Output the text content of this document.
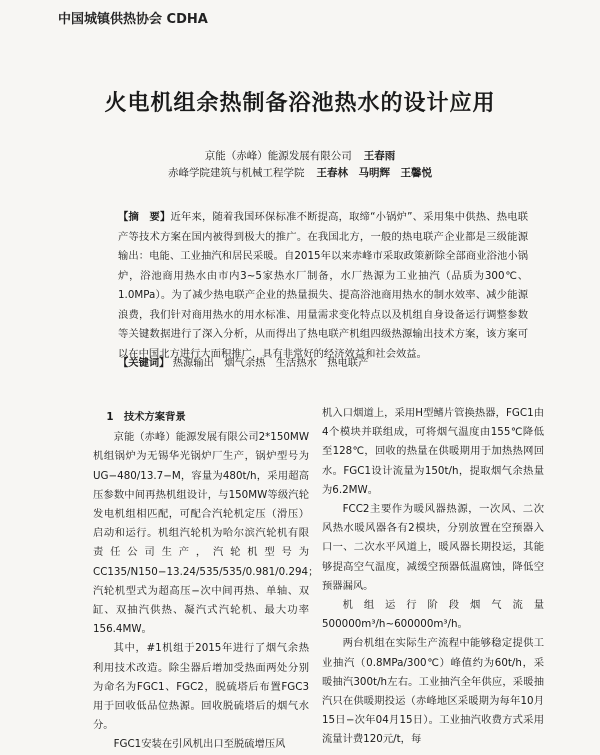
中国城镇供热协会 CDHA
火电机组余热制备浴池热水的设计应用
京能（赤峰）能源发展有限公司 王春雨
赤峰学院建筑与机械工程学院 王春林　马明辉　王馨悦
【摘　要】近年来，随着我国环保标准不断提高，取缔“小锅炉”、采用集中供热、热电联产等技术方案在国内被得到极大的推广。在我国北方，一般的热电联产企业都是三级能源输出：电能、工业抽汽和居民采暖。自2015年以来赤峰市采取政策新除全部商业浴池小锅炉，浴池商用热水由市内3~5家热水厂制备，水厂热源为工业抽汽（品质为300℃、1.0MPa）。为了减少热电联产企业的热量损失、提高浴池商用热水的制水效率、减少能源浪费，我们针对商用热水的用水标准、用量需求变化特点以及机组自身设备运行调整参数等关键数据进行了深入分析，从而得出了热电联产机组四级热源输出技术方案，该方案可以在中国北方进行大面积推广，具有非常好的经济效益和社会效益。
【关键词】 热源输出　烟气余热　生活热水　热电联产
1　技术方案背景

京能（赤峰）能源发展有限公司2*150MW机组锅炉为无锡华光锅炉厂生产，锅炉型号为UG−480/13.7−M，容量为480t/h，采用超高压参数中间再热机组设计，与150MW等级汽轮发电机组相匹配，可配合汽轮机定压（滑压）启动和运行。机组汽轮机为哈尔滨汽轮机有限责任公司生产，汽轮机型号为CC135/N150−13.24/535/535/0.981/0.294；汽轮机型式为超高压−次中间再热、单轴、双缸、双抽汽供热、凝汽式汽轮机、最大功率156.4MW。

其中，#1机组于2015年进行了烟气余热利用技术改造。除尘器后增加受热面两处分别为命名为FGC1、FGC2，脱硫塔后布置FGC3用于回收低品位热源。回收脱硫塔后的烟气水分。

FGC1安装在引风机出口至脱硫增压风

机入口烟道上，采用H型鳍片管换热器，FGC1由4个模块并联组成，可将烟气温度由155℃降低至128℃，回收的热量在供暖期用于加热热网回水。FGC1设计流量为150t/h，提取烟气余热量为6.2MW。

FCC2主要作为暖风器热源，一次风、二次风热水暖风器各有2模块，分别放置在空预器入口一、二次水平风道上，暖风器长期投运，其能够提高空气温度，减缓空预器低温腐蚀，降低空预器漏风。

机组运行阶段烟气流量500000m³/h~600000m³/h。

两台机组在实际生产流程中能够稳定提供工业抽汽（0.8MPa/300℃）峰值约为60t/h，采暖抽汽300t/h左右。工业抽汽全年供应，采暖抽汽只在供暖期投运（赤峰地区采暖期为每年10月15日−次年04月15日）。工业抽汽收费方式采用流量计费120元/t，每
